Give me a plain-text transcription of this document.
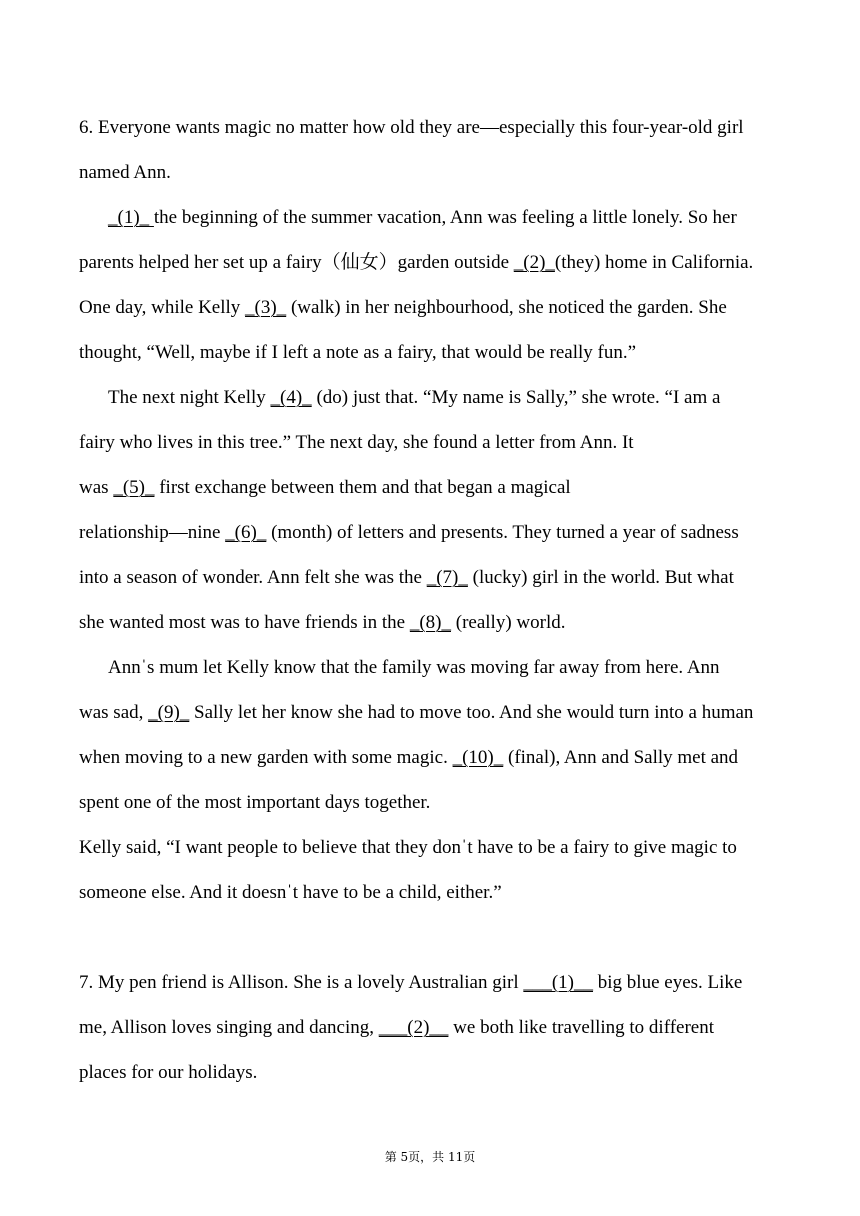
6. Everyone wants magic no matter how old they are—especially this four-year-old girl
named Ann.
_(1)_ the beginning of the summer vacation, Ann was feeling a little lonely. So her
parents helped her set up a fairy（仙女）garden outside _(2)_(they) home in California.
One day, while Kelly _(3)_ (walk) in her neighbourhood, she noticed the garden. She
thought, “Well, maybe if I left a note as a fairy, that would be really fun.”
The next night Kelly _(4)_ (do) just that. “My name is Sally,” she wrote. “I am a
fairy who lives in this tree.” The next day, she found a letter from Ann. It
was _(5)_ first exchange between them and that began a magical
relationship—nine _(6)_ (month) of letters and presents. They turned a year of sadness
into a season of wonder. Ann felt she was the _(7)_ (lucky) girl in the world. But what
she wanted most was to have friends in the _(8)_ (really) world.
Annˈs mum let Kelly know that the family was moving far away from here. Ann
was sad, _(9)_ Sally let her know she had to move too. And she would turn into a human
when moving to a new garden with some magic. _(10)_ (final), Ann and Sally met and
spent one of the most important days together.
Kelly said, “I want people to believe that they donˈt have to be a fairy to give magic to
someone else. And it doesnˈt have to be a child, either.”
7. My pen friend is Allison. She is a lovely Australian girl ___(1)__ big blue eyes. Like
me, Allison loves singing and dancing, ___(2)__ we both like travelling to different
places for our holidays.
第 5页，共 11页
